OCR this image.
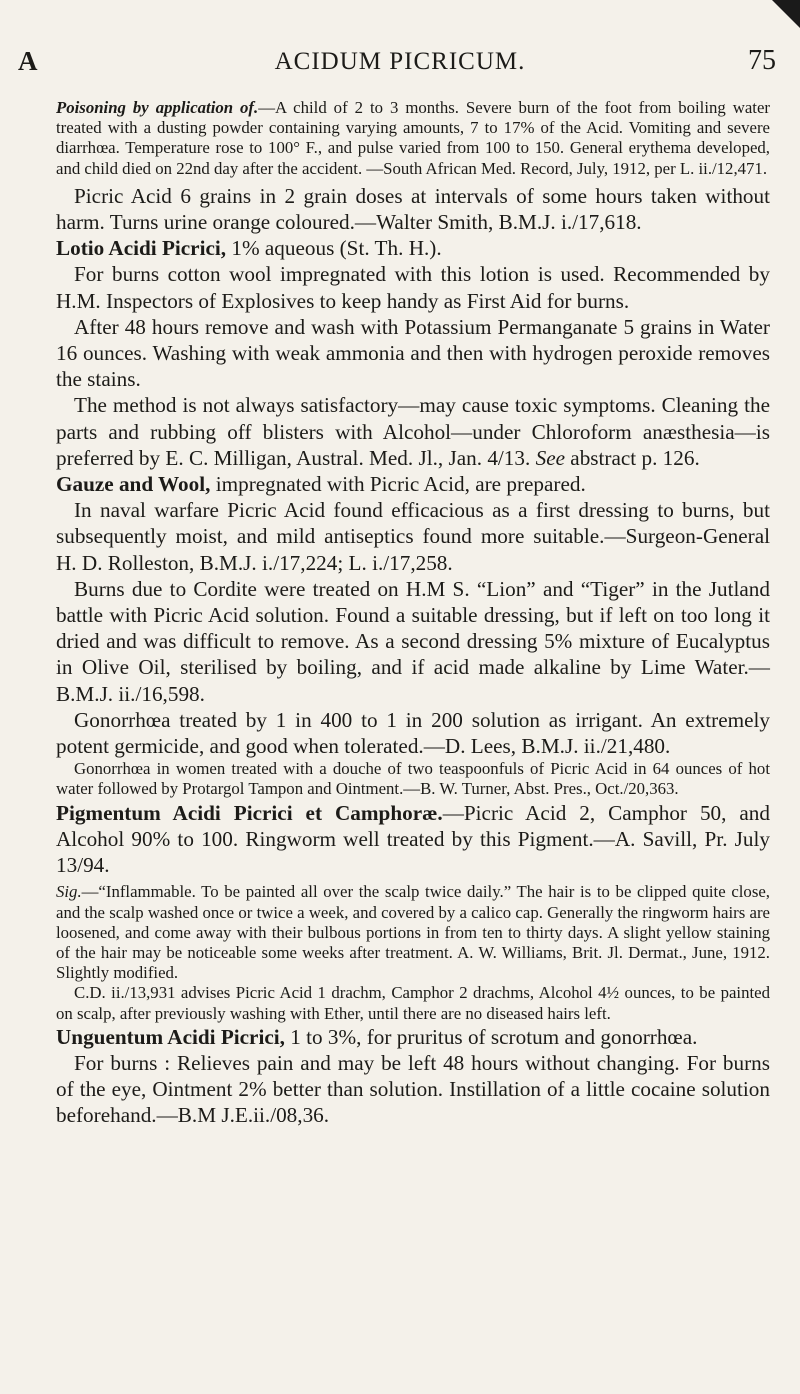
A	ACIDUM PICRICUM.	75

Poisoning by application of.—A child of 2 to 3 months. Severe burn of the foot from boiling water treated with a dusting powder containing varying amounts, 7 to 17% of the Acid. Vomiting and severe diarrhœa. Temperature rose to 100° F., and pulse varied from 100 to 150. General erythema developed, and child died on 22nd day after the accident. —South African Med. Record, July, 1912, per L. ii./12,471.

Picric Acid 6 grains in 2 grain doses at intervals of some hours taken without harm. Turns urine orange coloured.—Walter Smith, B.M.J. i./17,618.

Lotio Acidi Picrici, 1% aqueous (St. Th. H.).

For burns cotton wool impregnated with this lotion is used. Recommended by H.M. Inspectors of Explosives to keep handy as First Aid for burns.

After 48 hours remove and wash with Potassium Permanganate 5 grains in Water 16 ounces. Washing with weak ammonia and then with hydrogen peroxide removes the stains.

The method is not always satisfactory—may cause toxic symptoms. Cleaning the parts and rubbing off blisters with Alcohol—under Chloroform anæsthesia—is preferred by E. C. Milligan, Austral. Med. Jl., Jan. 4/13. See abstract p. 126.

Gauze and Wool, impregnated with Picric Acid, are prepared.

In naval warfare Picric Acid found efficacious as a first dressing to burns, but subsequently moist, and mild antiseptics found more suitable.—Surgeon-General H. D. Rolleston, B.M.J. i./17,224; L. i./17,258.

Burns due to Cordite were treated on H.M S. “Lion” and “Tiger” in the Jutland battle with Picric Acid solution. Found a suitable dressing, but if left on too long it dried and was difficult to remove. As a second dressing 5% mixture of Eucalyptus in Olive Oil, sterilised by boiling, and if acid made alkaline by Lime Water.—B.M.J. ii./16,598.

Gonorrhœa treated by 1 in 400 to 1 in 200 solution as irrigant. An extremely potent germicide, and good when tolerated.—D. Lees, B.M.J. ii./21,480.

Gonorrhœa in women treated with a douche of two teaspoonfuls of Picric Acid in 64 ounces of hot water followed by Protargol Tampon and Ointment.—B. W. Turner, Abst. Pres., Oct./20,363.

Pigmentum Acidi Picrici et Camphoræ.—Picric Acid 2, Camphor 50, and Alcohol 90% to 100. Ringworm well treated by this Pigment.—A. Savill, Pr. July 13/94.

Sig.—“Inflammable. To be painted all over the scalp twice daily.” The hair is to be clipped quite close, and the scalp washed once or twice a week, and covered by a calico cap. Generally the ringworm hairs are loosened, and come away with their bulbous portions in from ten to thirty days. A slight yellow staining of the hair may be noticeable some weeks after treatment. A. W. Williams, Brit. Jl. Dermat., June, 1912. Slightly modified.

C.D. ii./13,931 advises Picric Acid 1 drachm, Camphor 2 drachms, Alcohol 4½ ounces, to be painted on scalp, after previously washing with Ether, until there are no diseased hairs left.

Unguentum Acidi Picrici, 1 to 3%, for pruritus of scrotum and gonorrhœa.

For burns : Relieves pain and may be left 48 hours without changing. For burns of the eye, Ointment 2% better than solution. Instillation of a little cocaine solution beforehand.—B.M J.E.ii./08,36.
